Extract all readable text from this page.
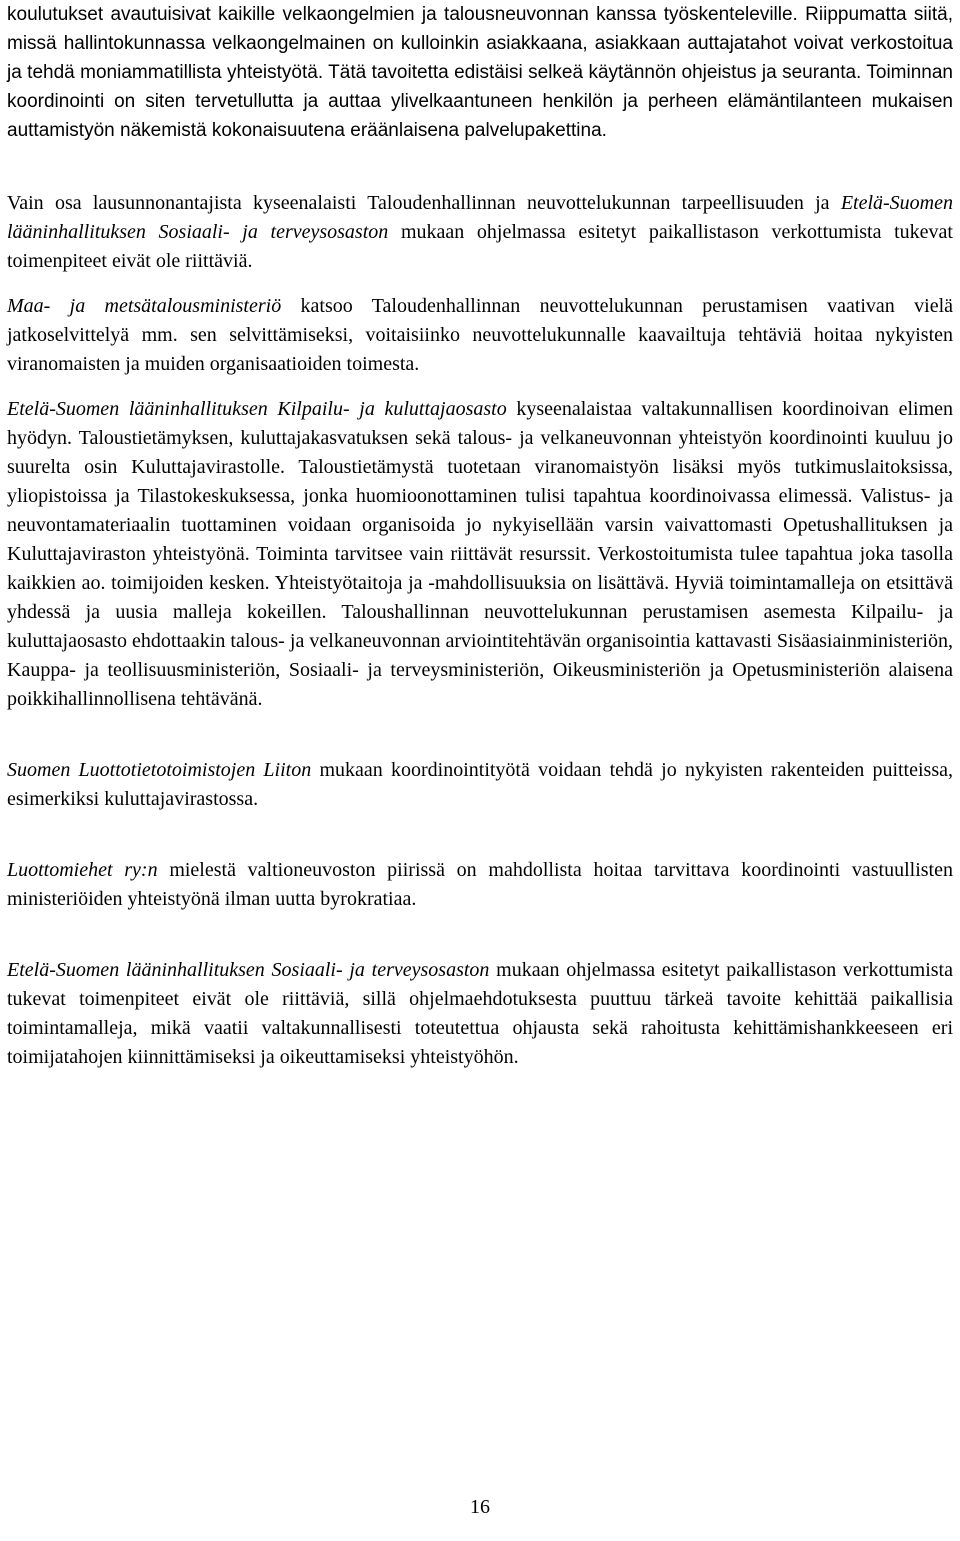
koulutukset avautuisivat kaikille velkaongelmien ja talousneuvonnan kanssa työskenteleville. Riippumatta siitä, missä hallintokunnassa velkaongelmainen on kulloinkin asiakkaana, asiakkaan auttajatahot voivat verkostoitua ja tehdä moniammatillista yhteistyötä. Tätä tavoitetta edistäisi selkeä käytännön ohjeistus ja seuranta. Toiminnan koordinointi on siten tervetullutta ja auttaa ylivelkaantuneen henkilön ja perheen elämäntilanteen mukaisen auttamistyön näkemistä kokonaisuutena eräänlaisena palvelupakettina.

Vain osa lausunnonantajista kyseenalaisti Taloudenhallinnan neuvottelukunnan tarpeellisuuden ja Etelä-Suomen lääninhallituksen Sosiaali- ja terveysosaston mukaan ohjelmassa esitetyt paikallistason verkottumista tukevat toimenpiteet eivät ole riittäviä.

Maa- ja metsätalousministeriö katsoo Taloudenhallinnan neuvottelukunnan perustamisen vaativan vielä jatkoselvittelyä mm. sen selvittämiseksi, voitaisiinko neuvottelukunnalle kaavailtuja tehtäviä hoitaa nykyisten viranomaisten ja muiden organisaatioiden toimesta.

Etelä-Suomen lääninhallituksen Kilpailu- ja kuluttajaosasto kyseenalaistaa valtakunnallisen koordinoivan elimen hyödyn. Taloustietämyksen, kuluttajakasvatuksen sekä talous- ja velkaneuvonnan yhteistyön koordinointi kuuluu jo suurelta osin Kuluttajavirastolle. Taloustietämystä tuotetaan viranomaistyön lisäksi myös tutkimuslaitoksissa, yliopistoissa ja Tilastokeskuksessa, jonka huomioonottaminen tulisi tapahtua koordinoivassa elimessä. Valistus- ja neuvontamateriaalin tuottaminen voidaan organisoida jo nykyisellään varsin vaivattomasti Opetushallituksen ja Kuluttajaviraston yhteistyönä. Toiminta tarvitsee vain riittävät resurssit. Verkostoitumista tulee tapahtua joka tasolla kaikkien ao. toimijoiden kesken. Yhteistyötaitoja ja -mahdollisuuksia on lisättävä. Hyviä toimintamalleja on etsittävä yhdessä ja uusia malleja kokeillen. Taloushallinnan neuvottelukunnan perustamisen asemesta Kilpailu- ja kuluttajaosasto ehdottaakin talous- ja velkaneuvonnan arviointitehtävän organisointia kattavasti Sisäasiainministeriön, Kauppa- ja teollisuusministeriön, Sosiaali- ja terveysministeriön, Oikeusministeriön ja Opetusministeriön alaisena poikkihallinnollisena tehtävänä.

Suomen Luottotietotoimistojen Liiton mukaan koordinointityötä voidaan tehdä jo nykyisten rakenteiden puitteissa, esimerkiksi kuluttajavirastossa.

Luottomiehet ry:n mielestä valtioneuvoston piirissä on mahdollista hoitaa tarvittava koordinointi vastuullisten ministeriöiden yhteistyönä ilman uutta byrokratiaa.

Etelä-Suomen lääninhallituksen Sosiaali- ja terveysosaston mukaan ohjelmassa esitetyt paikallistason verkottumista tukevat toimenpiteet eivät ole riittäviä, sillä ohjelmaehdotuksesta puuttuu tärkeä tavoite kehittää paikallisia toimintamalleja, mikä vaatii valtakunnallisesti toteutettua ohjausta sekä rahoitusta kehittämishankkeeseen eri toimijatahojen kiinnittämiseksi ja oikeuttamiseksi yhteistyöhön.

16
